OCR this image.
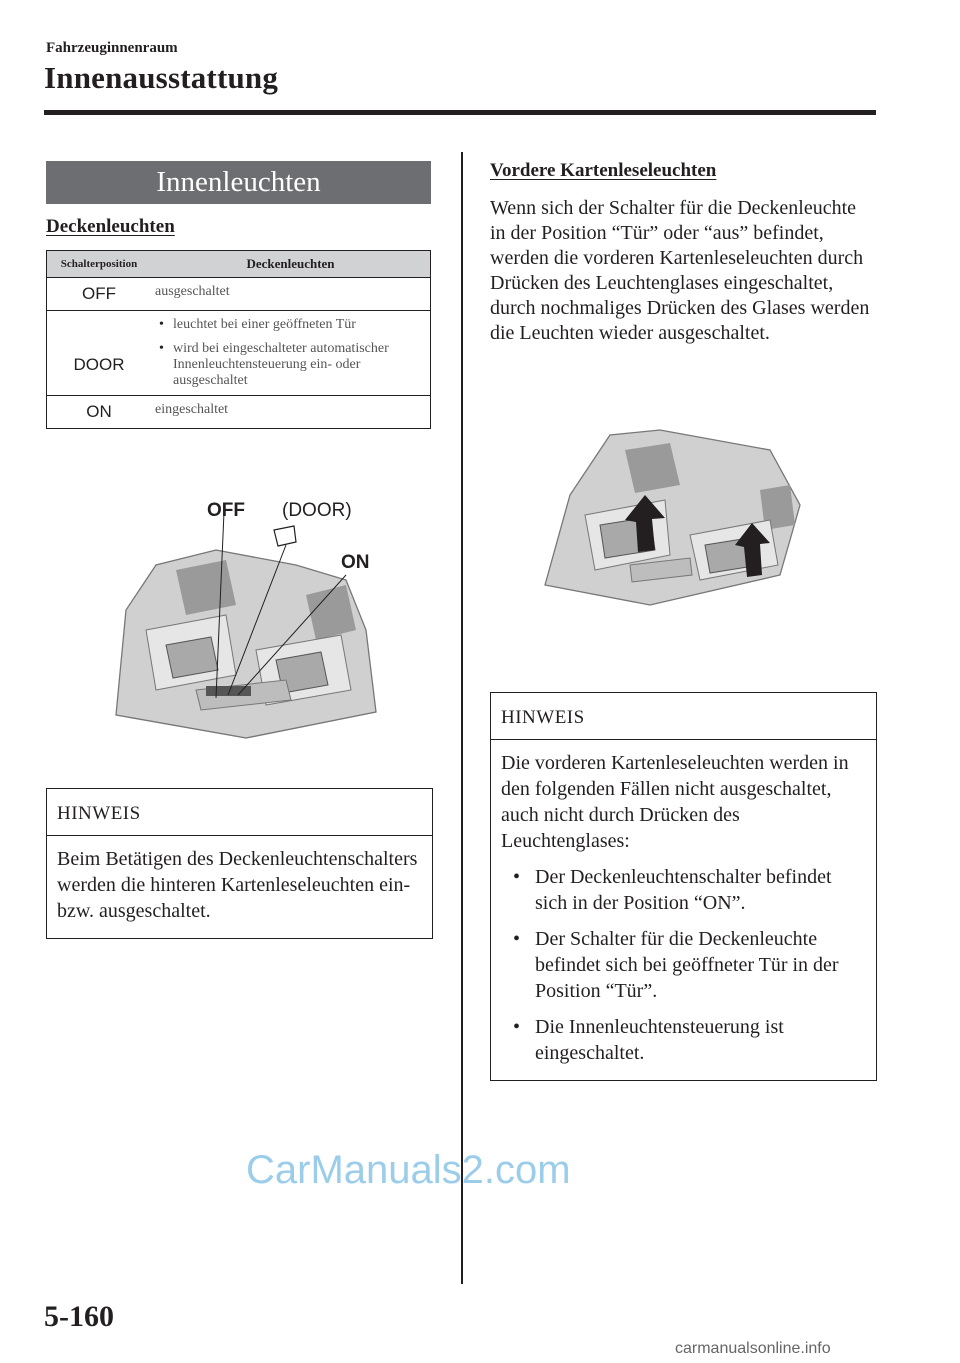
Fahrzeuginnenraum
Innenausstattung
Innenleuchten
Deckenleuchten
Schalterposition	Deckenleuchten
OFF	ausgeschaltet
DOOR	• leuchtet bei einer geöffneten Tür
• wird bei eingeschalteter automatischer Innenleuchtensteuerung ein- oder ausgeschaltet

ON	eingeschaltet
OFF (DOOR)
ON
HINWEIS
Beim Betätigen des Deckenleuchtenschalters werden die hinteren Kartenleseleuchten ein- bzw. ausgeschaltet.
Vordere Kartenleseleuchten
Wenn sich der Schalter für die Deckenleuchte in der Position “Tür” oder “aus” befindet, werden die vorderen Kartenleseleuchten durch Drücken des Leuchtenglases eingeschaltet, durch nochmaliges Drücken des Glases werden die Leuchten wieder ausgeschaltet.
HINWEIS
Die vorderen Kartenleseleuchten werden in den folgenden Fällen nicht ausgeschaltet, auch nicht durch Drücken des Leuchtenglases:
• Der Deckenleuchtenschalter befindet sich in der Position “ON”.
• Der Schalter für die Deckenleuchte befindet sich bei geöffneter Tür in der Position “Tür”.
• Die Innenleuchtensteuerung ist eingeschaltet.
CarManuals2.com
5-160
carmanualsonline.info
